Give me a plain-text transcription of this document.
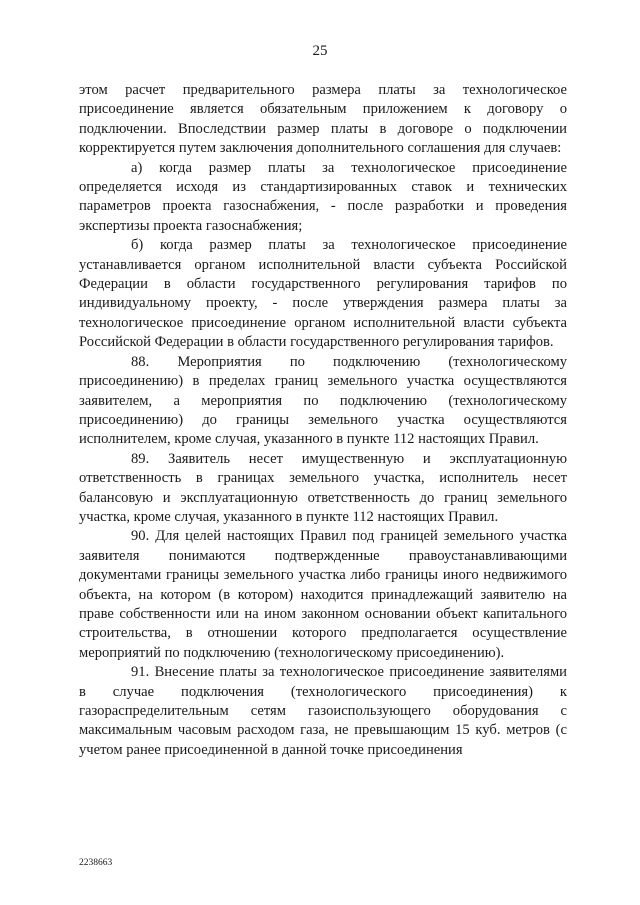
25

этом расчет предварительного размера платы за технологическое присоединение является обязательным приложением к договору о подключении. Впоследствии размер платы в договоре о подключении корректируется путем заключения дополнительного соглашения для случаев:

а) когда размер платы за технологическое присоединение определяется исходя из стандартизированных ставок и технических параметров проекта газоснабжения, - после разработки и проведения экспертизы проекта газоснабжения;

б) когда размер платы за технологическое присоединение устанавливается органом исполнительной власти субъекта Российской Федерации в области государственного регулирования тарифов по индивидуальному проекту, - после утверждения размера платы за технологическое присоединение органом исполнительной власти субъекта Российской Федерации в области государственного регулирования тарифов.

88. Мероприятия по подключению (технологическому присоединению) в пределах границ земельного участка осуществляются заявителем, а мероприятия по подключению (технологическому присоединению) до границы земельного участка осуществляются исполнителем, кроме случая, указанного в пункте 112 настоящих Правил.

89. Заявитель несет имущественную и эксплуатационную ответственность в границах земельного участка, исполнитель несет балансовую и эксплуатационную ответственность до границ земельного участка, кроме случая, указанного в пункте 112 настоящих Правил.

90. Для целей настоящих Правил под границей земельного участка заявителя понимаются подтвержденные правоустанавливающими документами границы земельного участка либо границы иного недвижимого объекта, на котором (в котором) находится принадлежащий заявителю на праве собственности или на ином законном основании объект капитального строительства, в отношении которого предполагается осуществление мероприятий по подключению (технологическому присоединению).

91. Внесение платы за технологическое присоединение заявителями в случае подключения (технологического присоединения) к газораспределительным сетям газоиспользующего оборудования с максимальным часовым расходом газа, не превышающим 15 куб. метров (с учетом ранее присоединенной в данной точке присоединения

2238663
